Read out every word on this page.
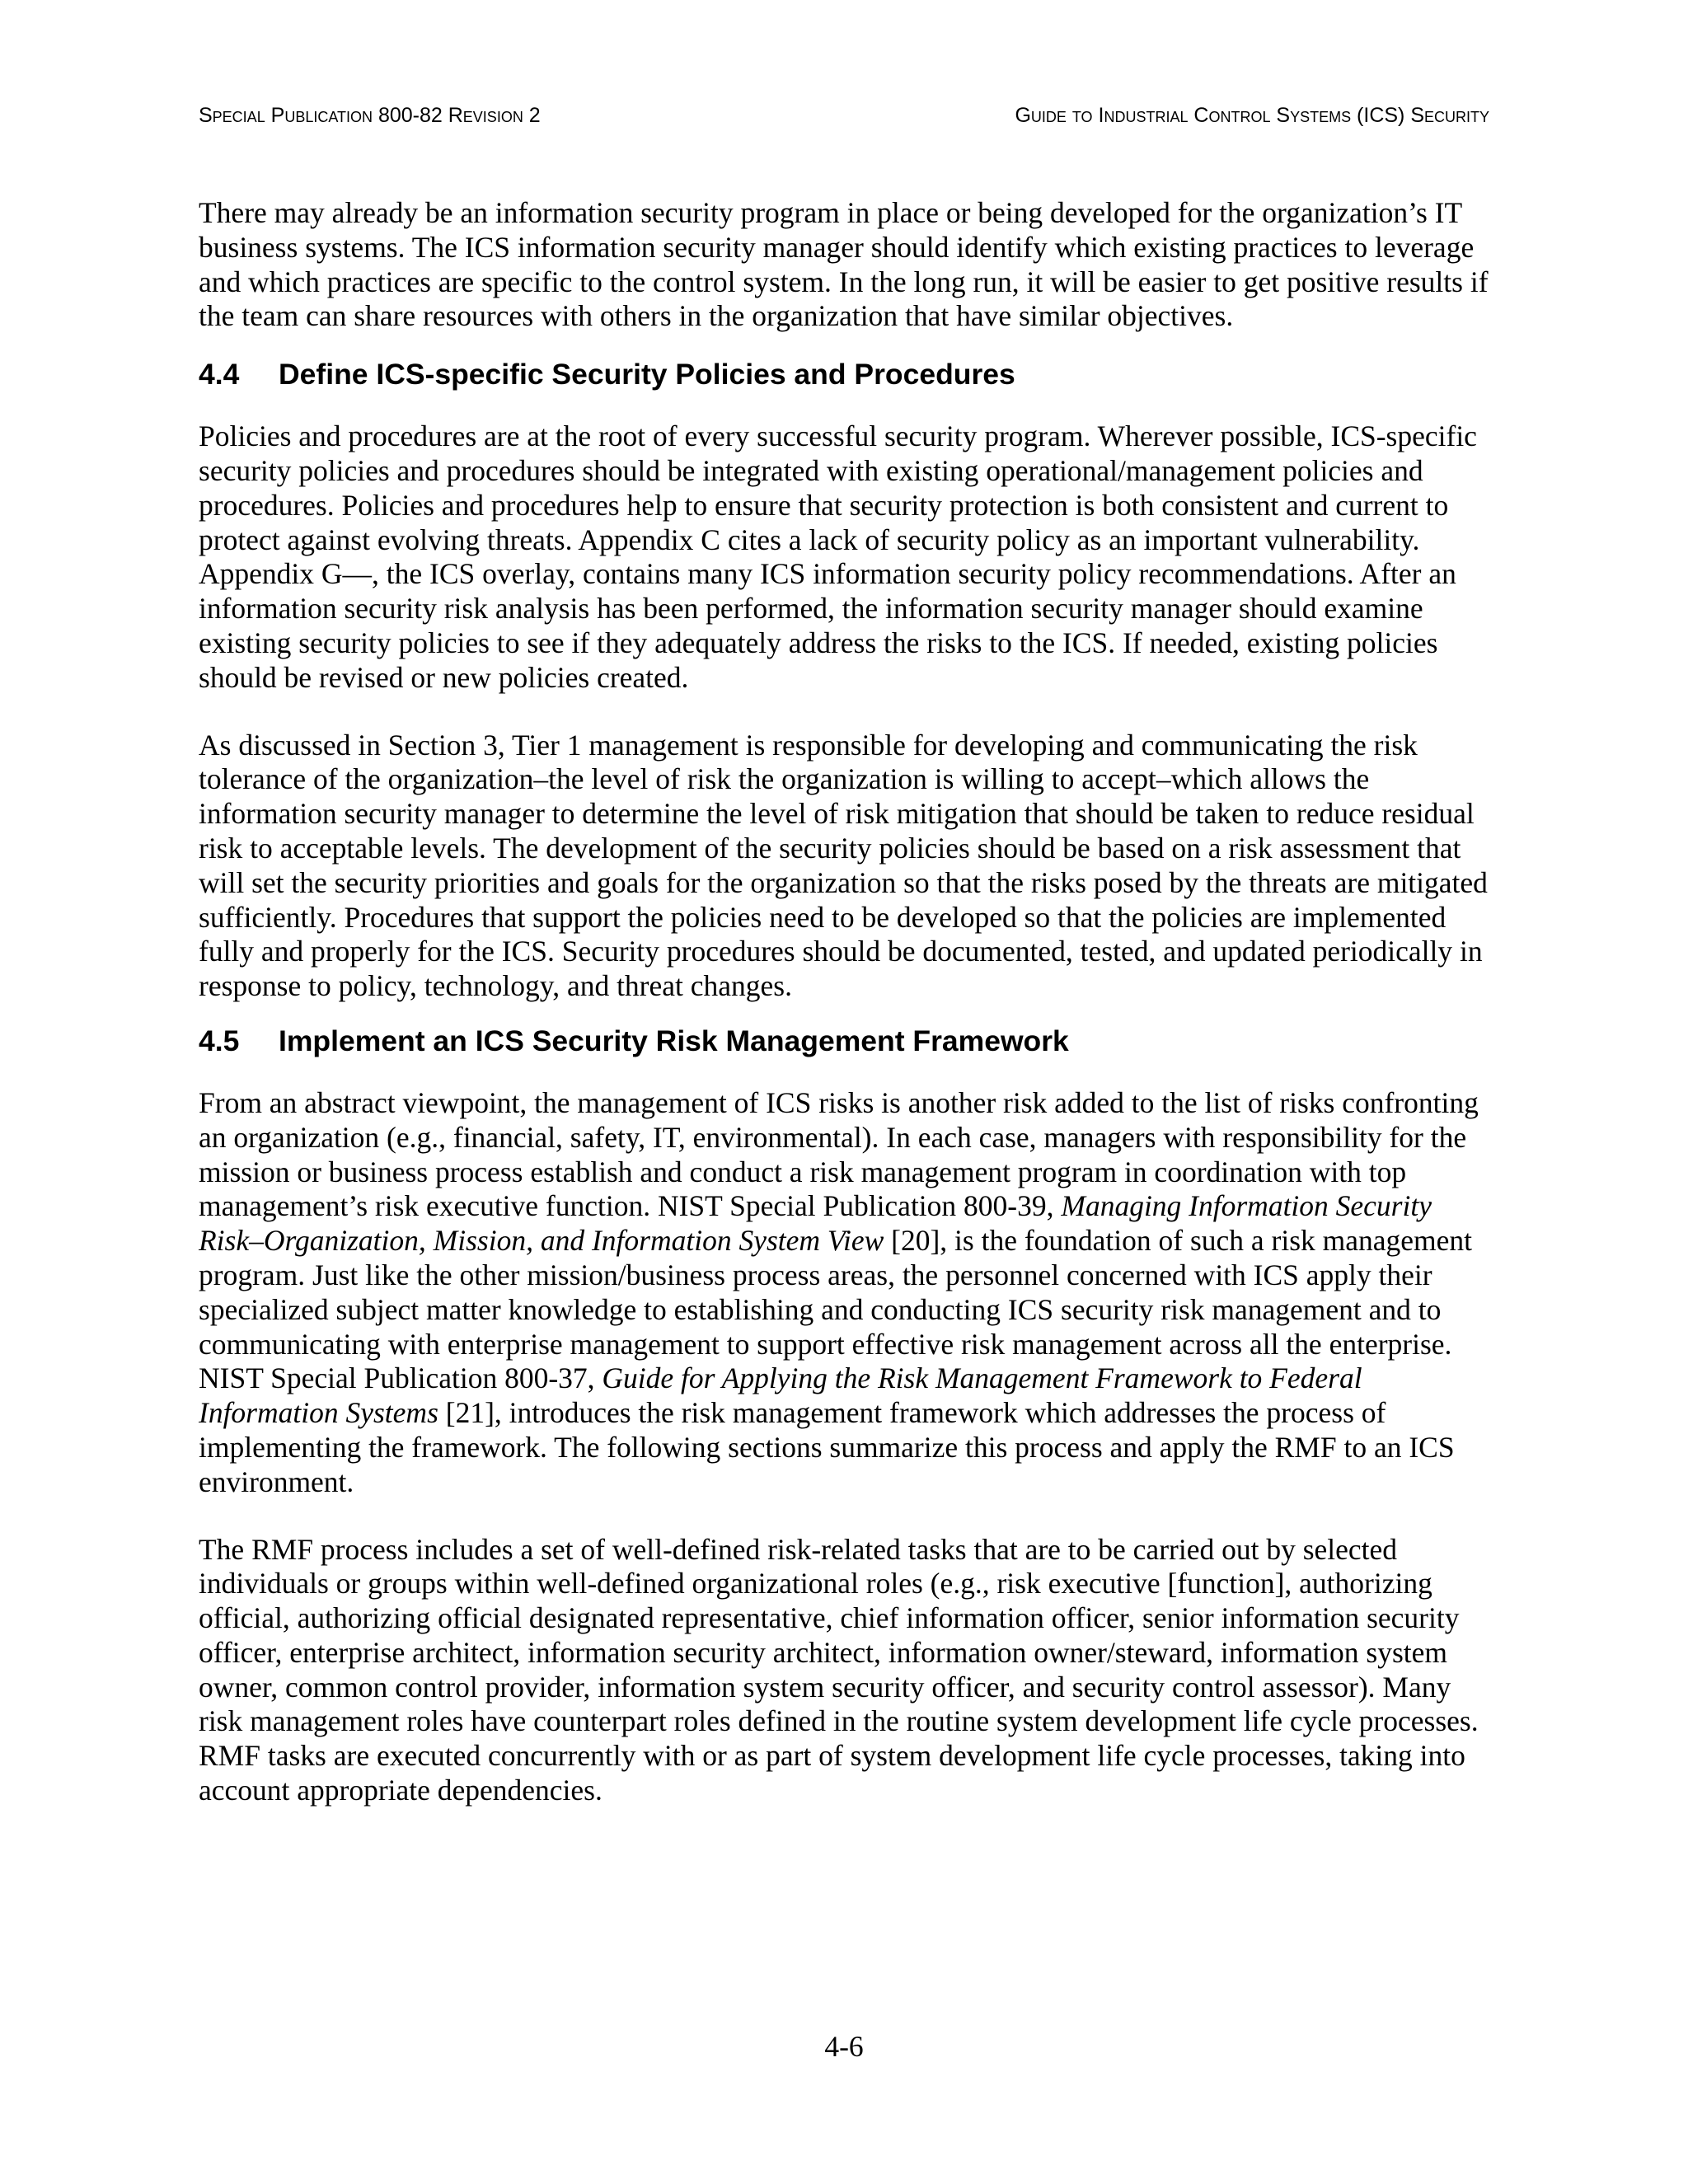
Special Publication 800-82 Revision 2	Guide to Industrial Control Systems (ICS) Security

There may already be an information security program in place or being developed for the organization’s IT business systems. The ICS information security manager should identify which existing practices to leverage and which practices are specific to the control system. In the long run, it will be easier to get positive results if the team can share resources with others in the organization that have similar objectives.

4.4	Define ICS-specific Security Policies and Procedures

Policies and procedures are at the root of every successful security program. Wherever possible, ICS-specific security policies and procedures should be integrated with existing operational/management policies and procedures. Policies and procedures help to ensure that security protection is both consistent and current to protect against evolving threats. Appendix C cites a lack of security policy as an important vulnerability. Appendix G—, the ICS overlay, contains many ICS information security policy recommendations. After an information security risk analysis has been performed, the information security manager should examine existing security policies to see if they adequately address the risks to the ICS. If needed, existing policies should be revised or new policies created.

As discussed in Section 3, Tier 1 management is responsible for developing and communicating the risk tolerance of the organization–the level of risk the organization is willing to accept–which allows the information security manager to determine the level of risk mitigation that should be taken to reduce residual risk to acceptable levels. The development of the security policies should be based on a risk assessment that will set the security priorities and goals for the organization so that the risks posed by the threats are mitigated sufficiently. Procedures that support the policies need to be developed so that the policies are implemented fully and properly for the ICS. Security procedures should be documented, tested, and updated periodically in response to policy, technology, and threat changes.

4.5	Implement an ICS Security Risk Management Framework

From an abstract viewpoint, the management of ICS risks is another risk added to the list of risks confronting an organization (e.g., financial, safety, IT, environmental). In each case, managers with responsibility for the mission or business process establish and conduct a risk management program in coordination with top management’s risk executive function. NIST Special Publication 800-39, Managing Information Security Risk–Organization, Mission, and Information System View [20], is the foundation of such a risk management program. Just like the other mission/business process areas, the personnel concerned with ICS apply their specialized subject matter knowledge to establishing and conducting ICS security risk management and to communicating with enterprise management to support effective risk management across all the enterprise. NIST Special Publication 800-37, Guide for Applying the Risk Management Framework to Federal Information Systems [21], introduces the risk management framework which addresses the process of implementing the framework. The following sections summarize this process and apply the RMF to an ICS environment.

The RMF process includes a set of well-defined risk-related tasks that are to be carried out by selected individuals or groups within well-defined organizational roles (e.g., risk executive [function], authorizing official, authorizing official designated representative, chief information officer, senior information security officer, enterprise architect, information security architect, information owner/steward, information system owner, common control provider, information system security officer, and security control assessor). Many risk management roles have counterpart roles defined in the routine system development life cycle processes. RMF tasks are executed concurrently with or as part of system development life cycle processes, taking into account appropriate dependencies.

4-6
